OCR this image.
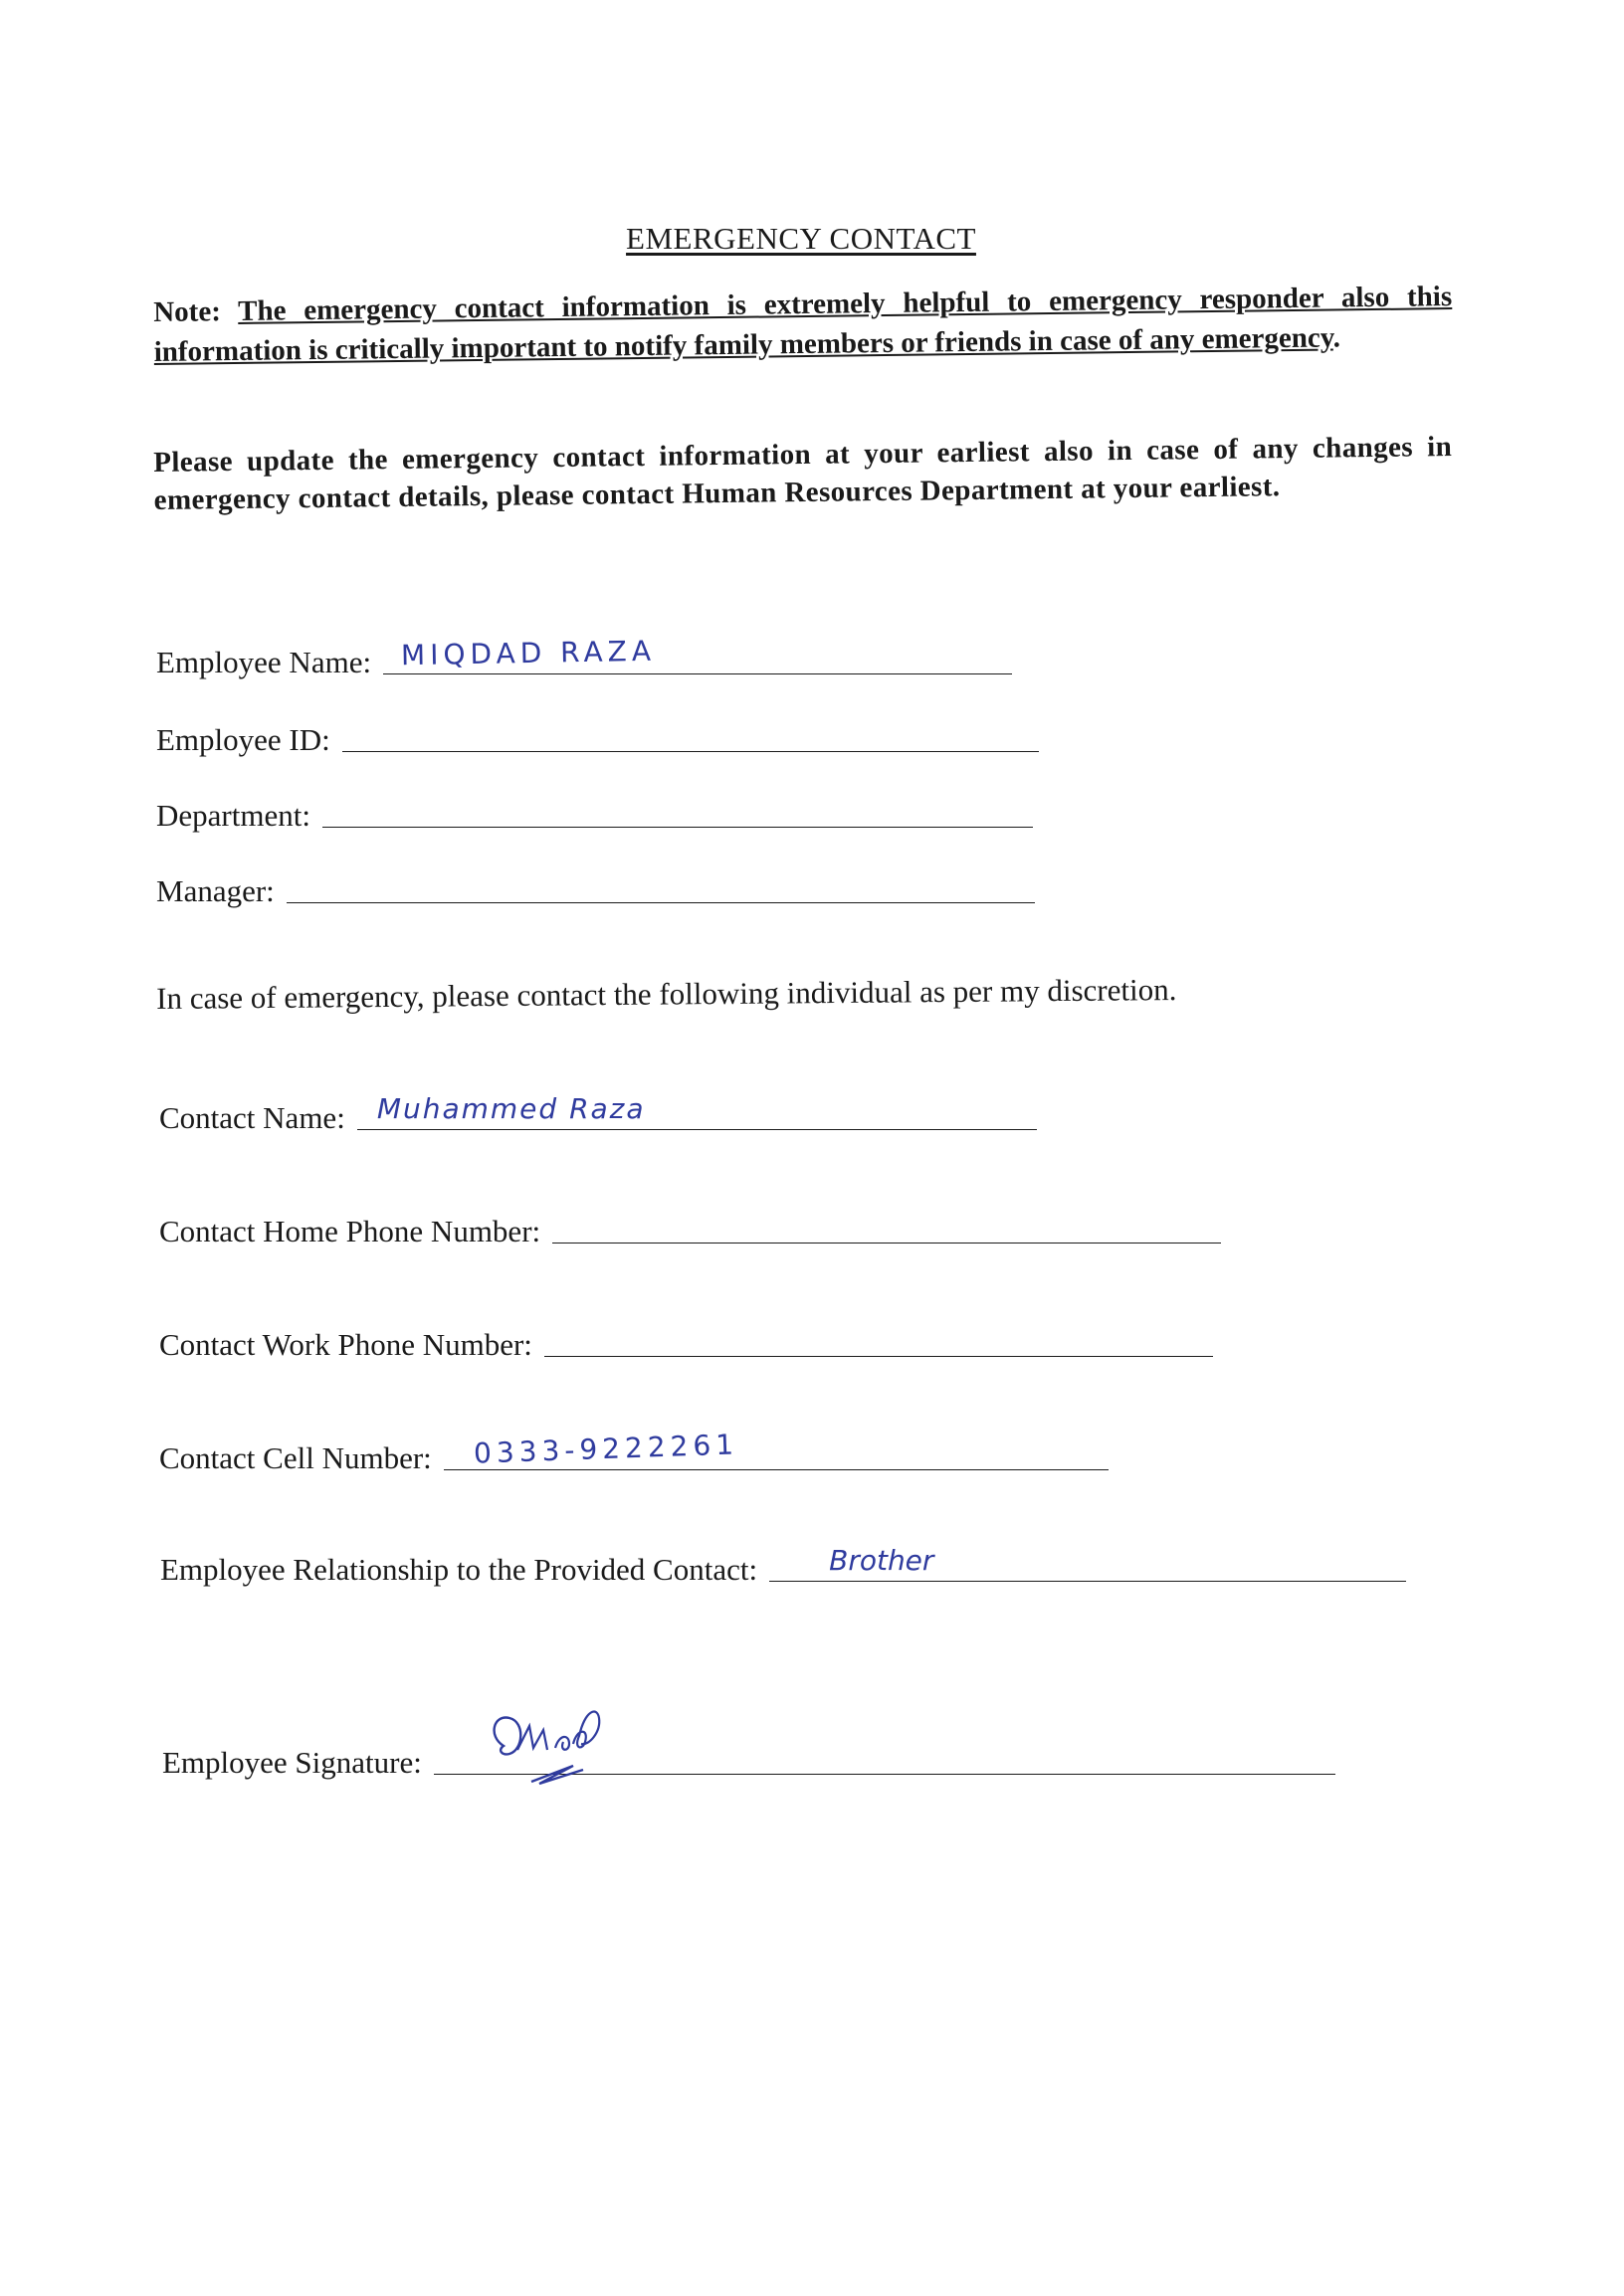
EMERGENCY CONTACT
Note: The emergency contact information is extremely helpful to emergency responder also this information is critically important to notify family members or friends in case of any emergency.
Please update the emergency contact information at your earliest also in case of any changes in emergency contact details, please contact Human Resources Department at your earliest.
Employee Name:	MIQDAD RAZA
Employee ID:
Department:
Manager:
In case of emergency, please contact the following individual as per my discretion.
Contact Name:	Muhammed Raza
Contact Home Phone Number:
Contact Work Phone Number:
Contact Cell Number:	0333-9222261
Employee Relationship to the Provided Contact:	Brother
Employee Signature:
